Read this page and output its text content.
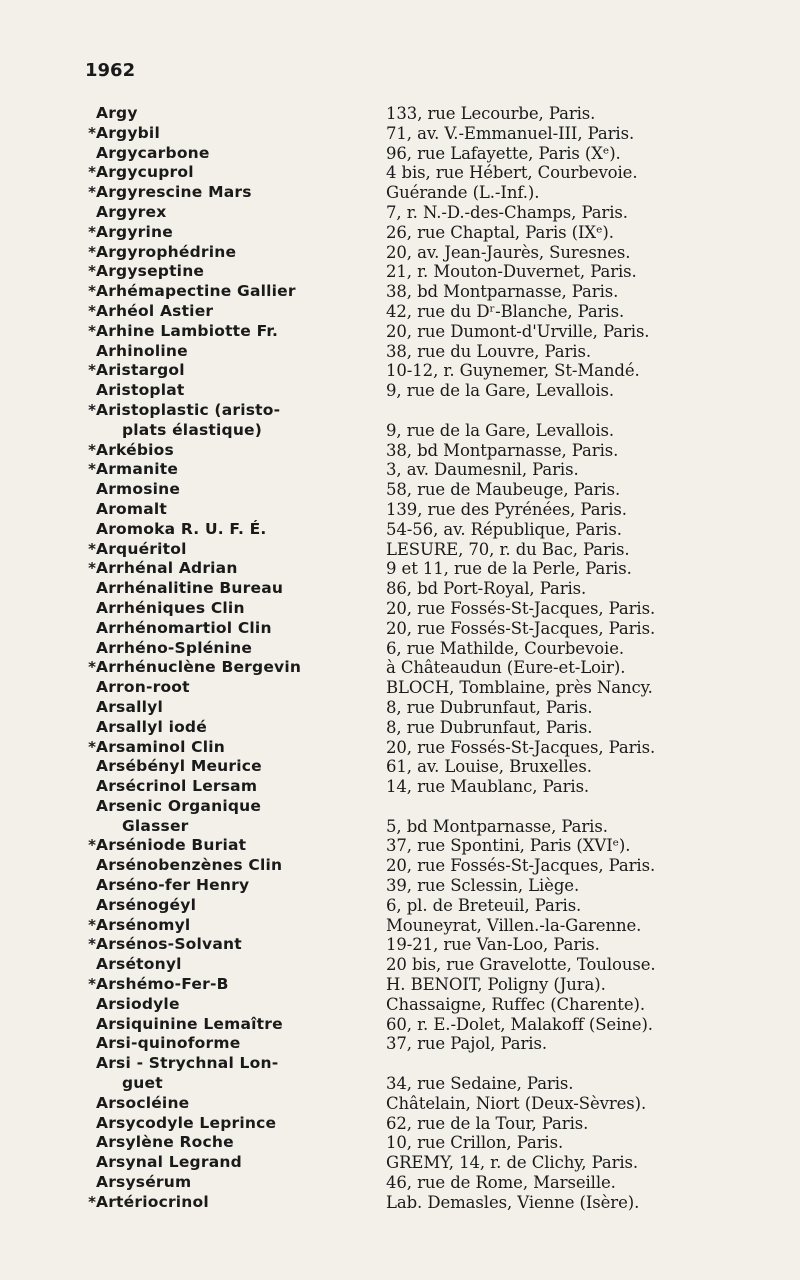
1962
Argy	133, rue Lecourbe, Paris.
* Argybil	71, av. V.-Emmanuel-III, Paris.
Argycarbone	96, rue Lafayette, Paris (Xᵉ).
* Argycuprol	4 bis, rue Hébert, Courbevoie.
* Argyrescine Mars	Guérande (L.-Inf.).
Argyrex	7, r. N.-D.-des-Champs, Paris.
* Argyrine	26, rue Chaptal, Paris (IXᵉ).
* Argyrophédrine	20, av. Jean-Jaurès, Suresnes.
* Argyseptine	21, r. Mouton-Duvernet, Paris.
* Arhémapectine Gallier	38, bd Montparnasse, Paris.
* Arhéol Astier	42, rue du Dʳ-Blanche, Paris.
* Arhine Lambiotte Fr.	20, rue Dumont-d'Urville, Paris.
Arhinoline	38, rue du Louvre, Paris.
* Aristargol	10-12, r. Guynemer, St-Mandé.
Aristoplat	9, rue de la Gare, Levallois.
* Aristoplastic (aristo-
plats élastique)	9, rue de la Gare, Levallois.
* Arkébios	38, bd Montparnasse, Paris.
* Armanite	3, av. Daumesnil, Paris.
Armosine	58, rue de Maubeuge, Paris.
Aromalt	139, rue des Pyrénées, Paris.
Aromoka R. U. F. É.	54-56, av. République, Paris.
* Arquéritol	LESURE, 70, r. du Bac, Paris.
* Arrhénal Adrian	9 et 11, rue de la Perle, Paris.
Arrhénalitine Bureau	86, bd Port-Royal, Paris.
Arrhéniques Clin	20, rue Fossés-St-Jacques, Paris.
Arrhénomartiol Clin	20, rue Fossés-St-Jacques, Paris.
Arrhéno-Splénine	6, rue Mathilde, Courbevoie.
* Arrhénuclène Bergevin	à Châteaudun (Eure-et-Loir).
Arron-root	BLOCH, Tomblaine, près Nancy.
Arsallyl	8, rue Dubrunfaut, Paris.
Arsallyl iodé	8, rue Dubrunfaut, Paris.
* Arsaminol Clin	20, rue Fossés-St-Jacques, Paris.
Arsébényl Meurice	61, av. Louise, Bruxelles.
Arsécrinol Lersam	14, rue Maublanc, Paris.
Arsenic Organique
Glasser	5, bd Montparnasse, Paris.
* Arséniode Buriat	37, rue Spontini, Paris (XVIᵉ).
Arsénobenzènes Clin	20, rue Fossés-St-Jacques, Paris.
Arséno-fer Henry	39, rue Sclessin, Liège.
Arsénogéyl	6, pl. de Breteuil, Paris.
* Arsénomyl	Mouneyrat, Villen.-la-Garenne.
* Arsénos-Solvant	19-21, rue Van-Loo, Paris.
Arsétonyl	20 bis, rue Gravelotte, Toulouse.
* Arshémo-Fer-B	H. BENOIT, Poligny (Jura).
Arsiodyle	Chassaigne, Ruffec (Charente).
Arsiquinine Lemaître	60, r. E.-Dolet, Malakoff (Seine).
Arsi-quinoforme	37, rue Pajol, Paris.
Arsi - Strychnal Lon-
guet	34, rue Sedaine, Paris.
Arsocléine	Châtelain, Niort (Deux-Sèvres).
Arsycodyle Leprince	62, rue de la Tour, Paris.
Arsylène Roche	10, rue Crillon, Paris.
Arsynal Legrand	GREMY, 14, r. de Clichy, Paris.
Arsysérum	46, rue de Rome, Marseille.
* Artériocrinol	Lab. Demasles, Vienne (Isère).
